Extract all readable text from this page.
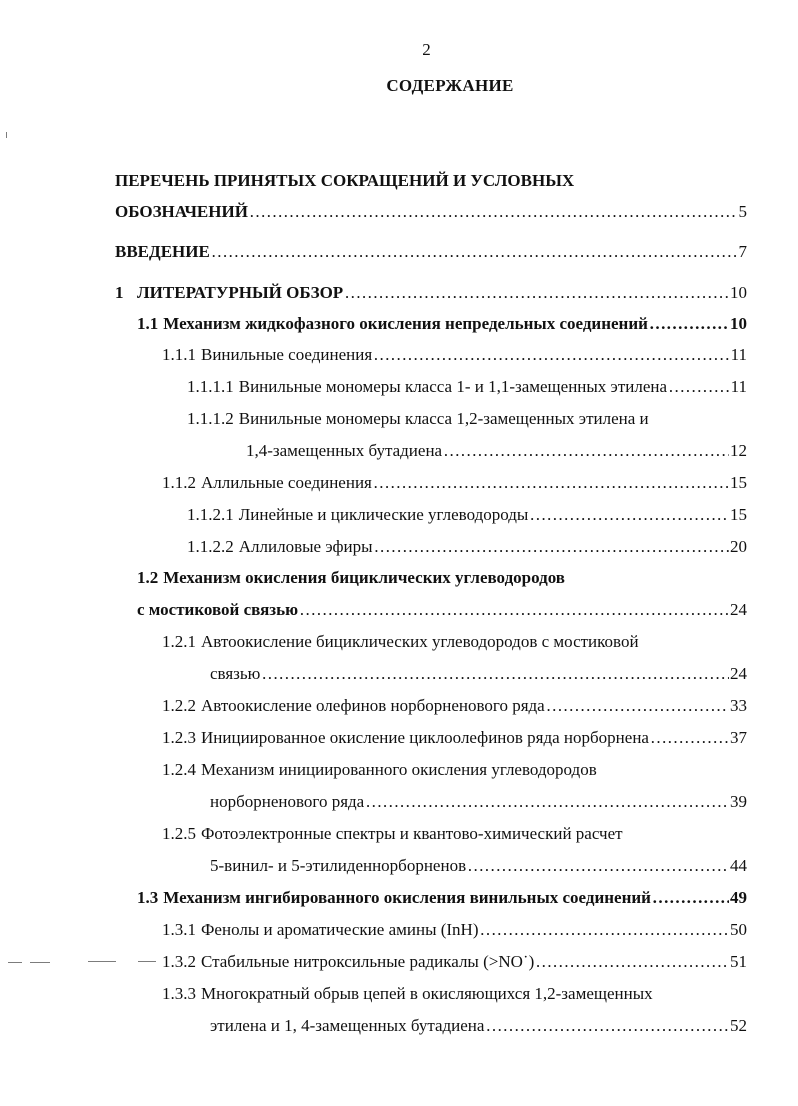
2
СОДЕРЖАНИЕ
ПЕРЕЧЕНЬ ПРИНЯТЫХ СОКРАЩЕНИЙ И УСЛОВНЫХ
ОБОЗНАЧЕНИЙ …………………………………………………………………………………………………………………………………………………………	5
ВВЕДЕНИЕ …………………………………………………………………………………………………………………………………………………………	7
1 ЛИТЕРАТУРНЫЙ ОБЗОР …………………………………………………………………………………………………………………………………………………………	10
1.1 Механизм жидкофазного окисления непредельных соединений …………………………………………………………………………………………………………………………………………………………	10
1.1.1 Винильные соединения …………………………………………………………………………………………………………………………………………………………	11
1.1.1.1 Винильные мономеры класса 1- и 1,1-замещенных этилена …………………………………………………………………………………………………………………………………………………………	11
1.1.1.2 Винильные мономеры класса 1,2-замещенных этилена и
1,4-замещенных бутадиена …………………………………………………………………………………………………………………………………………………………	12
1.1.2 Аллильные соединения …………………………………………………………………………………………………………………………………………………………	15
1.1.2.1 Линейные и циклические углеводороды …………………………………………………………………………………………………………………………………………………………	15
1.1.2.2 Аллиловые эфиры …………………………………………………………………………………………………………………………………………………………	20
1.2 Механизм окисления бициклических углеводородов
с мостиковой связью …………………………………………………………………………………………………………………………………………………………	24
1.2.1 Автоокисление бициклических углеводородов с мостиковой
связью …………………………………………………………………………………………………………………………………………………………	24
1.2.2 Автоокисление олефинов норборненового ряда …………………………………………………………………………………………………………………………………………………………	33
1.2.3 Инициированное окисление циклоолефинов ряда норборнена …………………………………………………………………………………………………………………………………………………………	37
1.2.4 Механизм инициированного окисления углеводородов
норборненового ряда …………………………………………………………………………………………………………………………………………………………	39
1.2.5 Фотоэлектронные спектры и квантово-химический расчет
5-винил- и 5-этилиденнорборненов …………………………………………………………………………………………………………………………………………………………	44
1.3 Механизм ингибированного окисления винильных соединений …………………………………………………………………………………………………………………………………………………………	49
1.3.1 Фенолы и ароматические амины (InH) …………………………………………………………………………………………………………………………………………………………	50
1.3.2 Стабильные нитроксильные радикалы (>NO˙) …………………………………………………………………………………………………………………………………………………………	51
1.3.3 Многократный обрыв цепей в окисляющихся 1,2-замещенных
этилена и 1, 4-замещенных бутадиена …………………………………………………………………………………………………………………………………………………………	52
